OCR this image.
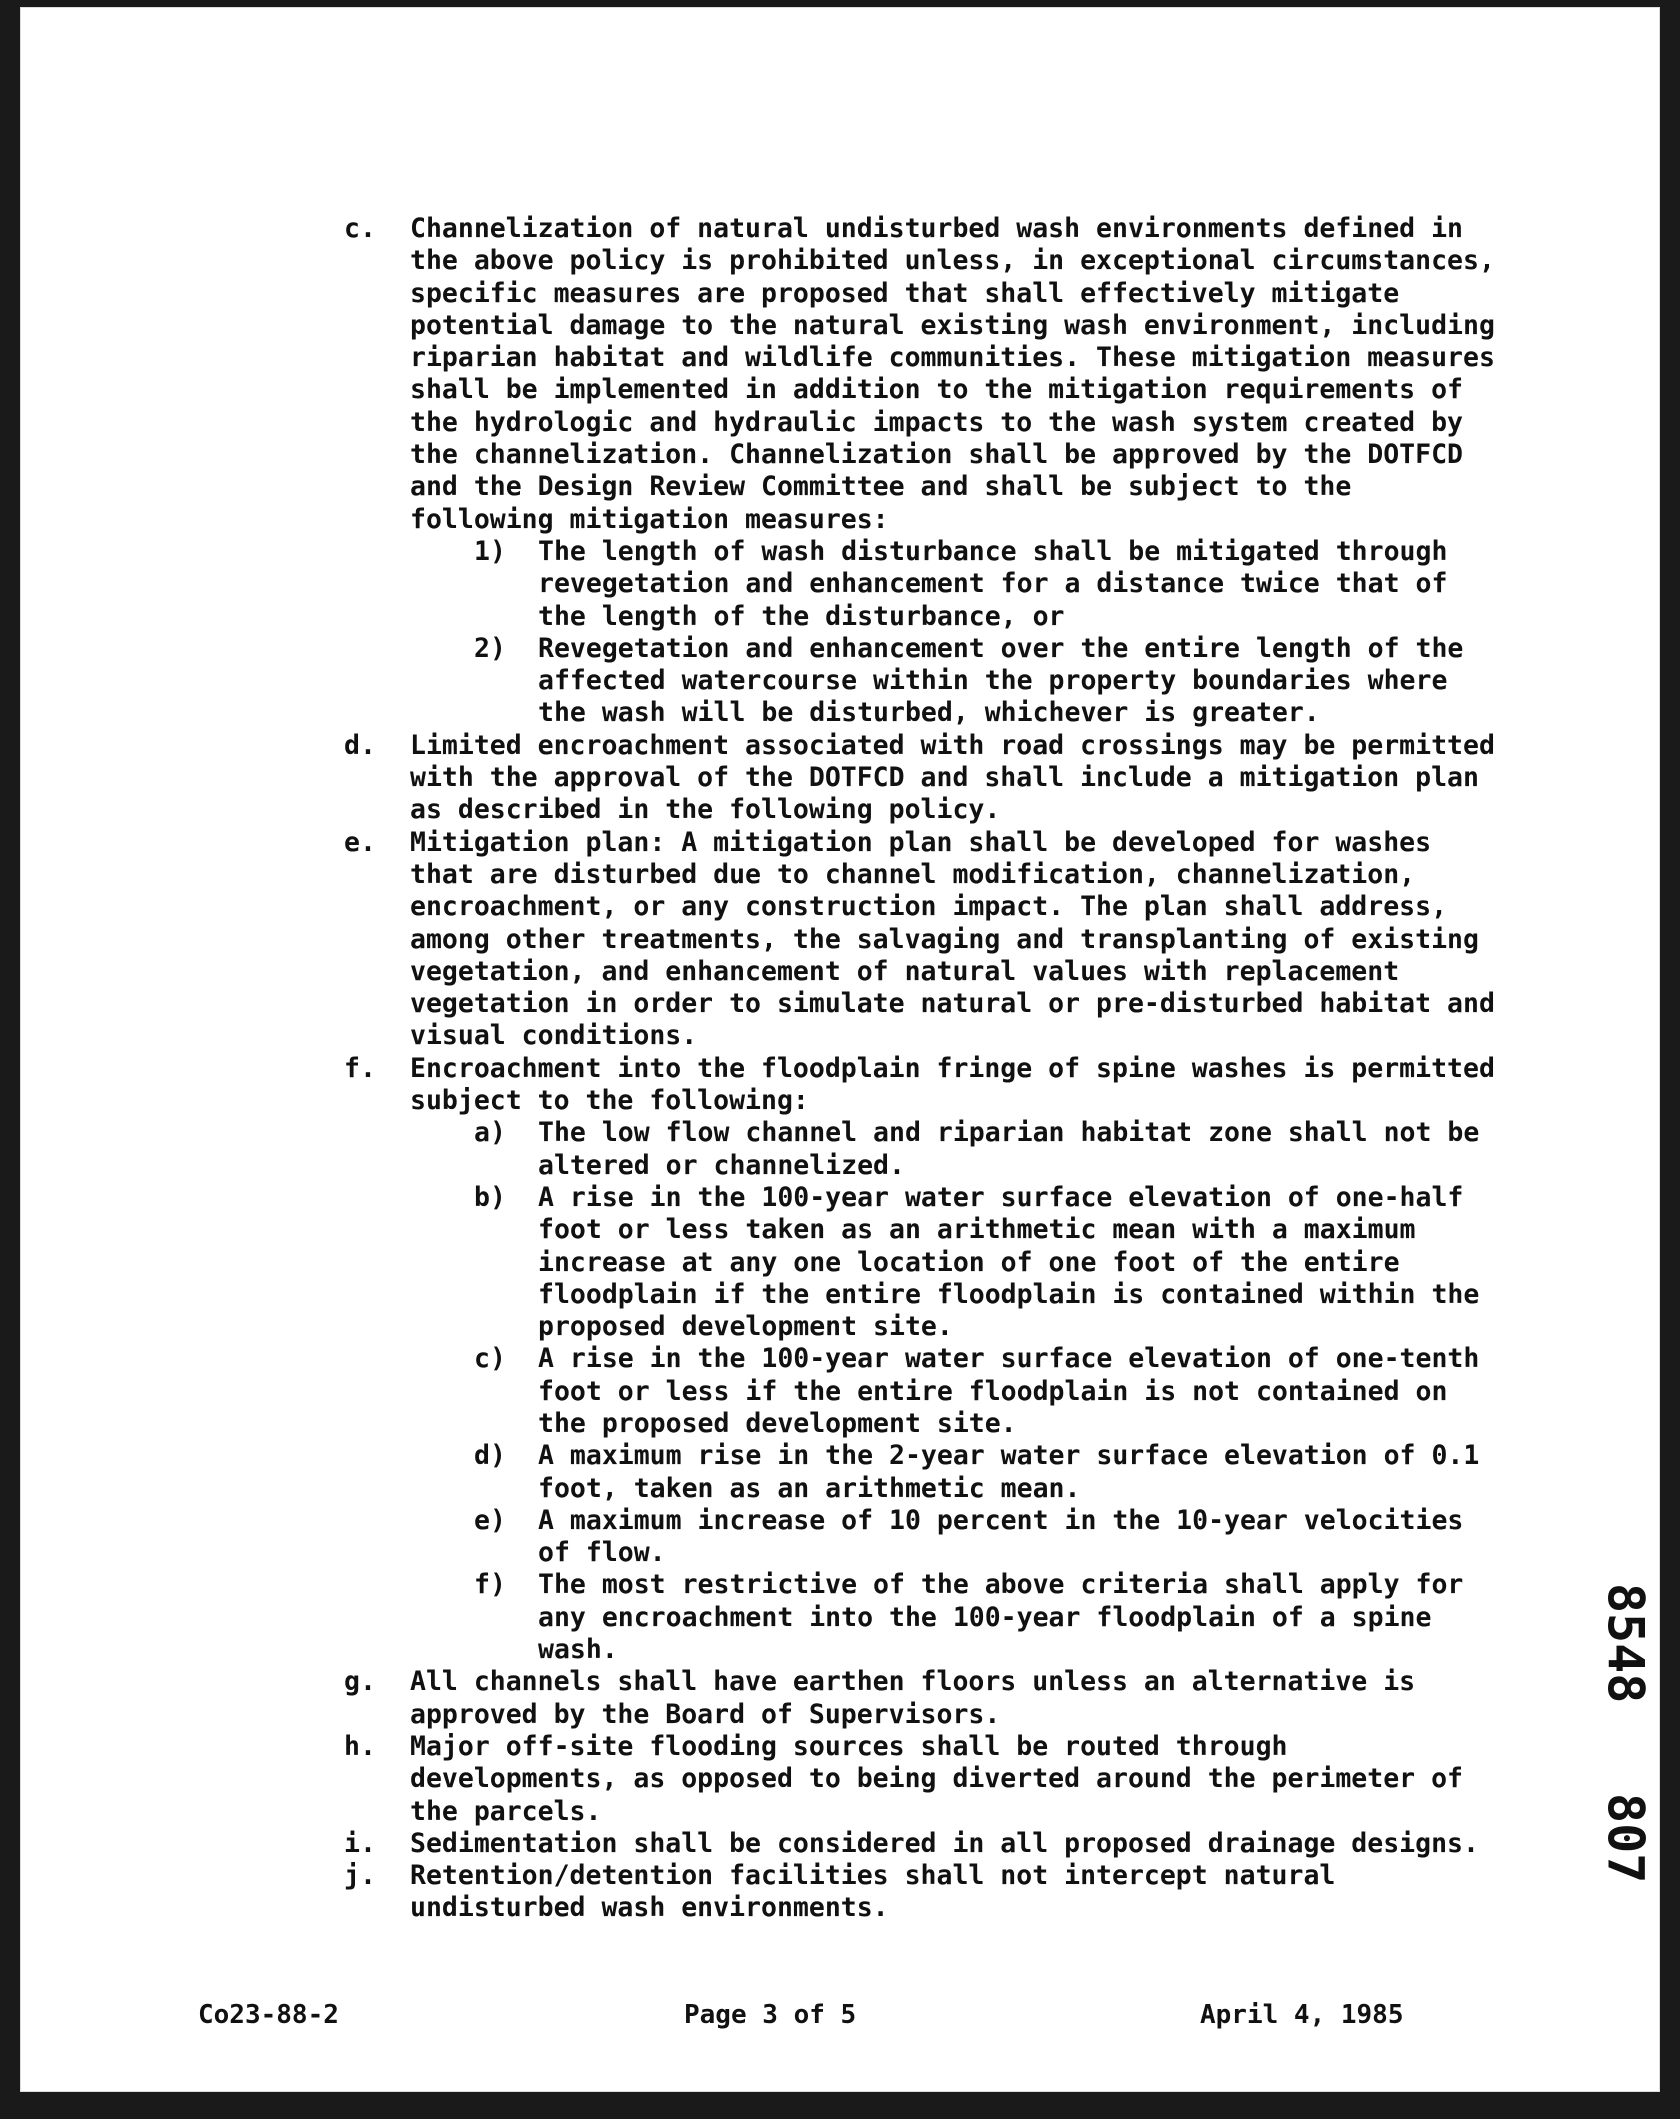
c.	Channelization of natural undisturbed wash environments defined in the above policy is prohibited unless, in exceptional circumstances, specific measures are proposed that shall effectively mitigate potential damage to the natural existing wash environment, including riparian habitat and wildlife communities. These mitigation measures shall be implemented in addition to the mitigation requirements of the hydrologic and hydraulic impacts to the wash system created by the channelization. Channelization shall be approved by the DOTFCD and the Design Review Committee and shall be subject to the following mitigation measures:
1)	The length of wash disturbance shall be mitigated through revegetation and enhancement for a distance twice that of the length of the disturbance, or
2)	Revegetation and enhancement over the entire length of the affected watercourse within the property boundaries where the wash will be disturbed, whichever is greater.
d.	Limited encroachment associated with road crossings may be permitted with the approval of the DOTFCD and shall include a mitigation plan as described in the following policy.
e.	Mitigation plan: A mitigation plan shall be developed for washes that are disturbed due to channel modification, channelization, encroachment, or any construction impact. The plan shall address, among other treatments, the salvaging and transplanting of existing vegetation, and enhancement of natural values with replacement vegetation in order to simulate natural or pre-disturbed habitat and visual conditions.
f.	Encroachment into the floodplain fringe of spine washes is permitted subject to the following:
a)	The low flow channel and riparian habitat zone shall not be altered or channelized.
b)	A rise in the 100-year water surface elevation of one-half foot or less taken as an arithmetic mean with a maximum increase at any one location of one foot of the entire floodplain if the entire floodplain is contained within the proposed development site.
c)	A rise in the 100-year water surface elevation of one-tenth foot or less if the entire floodplain is not contained on the proposed development site.
d)	A maximum rise in the 2-year water surface elevation of 0.1 foot, taken as an arithmetic mean.
e)	A maximum increase of 10 percent in the 10-year velocities of flow.
f)	The most restrictive of the above criteria shall apply for any encroachment into the 100-year floodplain of a spine wash.
g.	All channels shall have earthen floors unless an alternative is approved by the Board of Supervisors.
h.	Major off-site flooding sources shall be routed through developments, as opposed to being diverted around the perimeter of the parcels.
i.	Sedimentation shall be considered in all proposed drainage designs.
j.	Retention/detention facilities shall not intercept natural undisturbed wash environments.
Co23-88-2	Page 3 of 5	April 4, 1985
8548
807
